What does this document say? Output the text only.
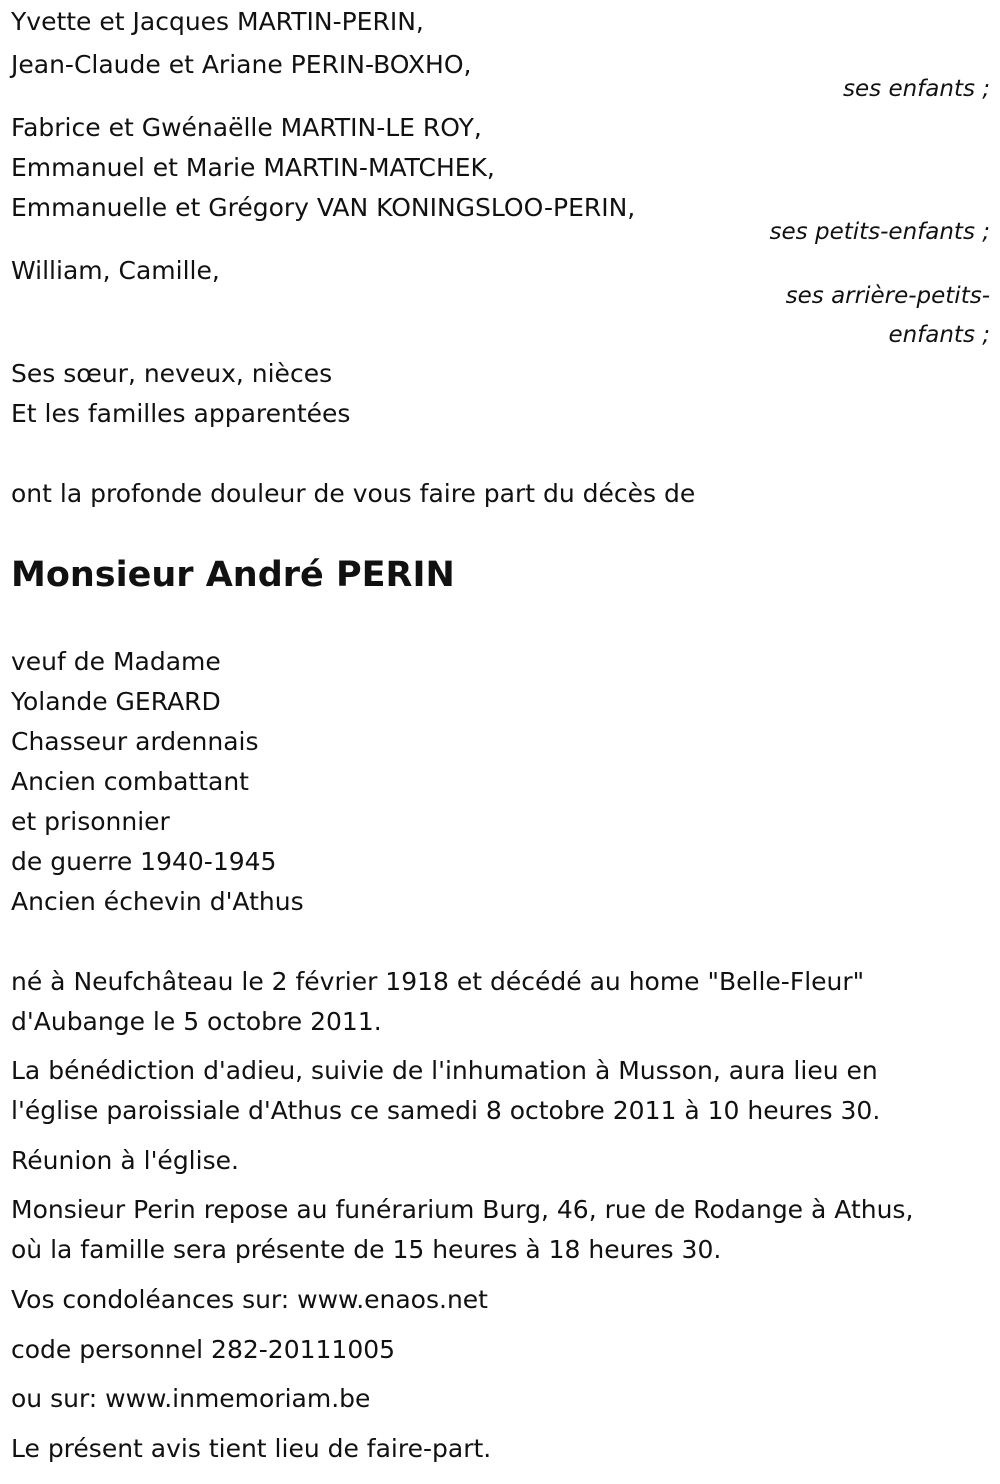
Yvette et Jacques MARTIN-PERIN,
Jean-Claude et Ariane PERIN-BOXHO,
ses enfants ;
Fabrice et Gwénaëlle MARTIN-LE ROY,
Emmanuel et Marie MARTIN-MATCHEK,
Emmanuelle et Grégory VAN KONINGSLOO-PERIN,
ses petits-enfants ;
William, Camille,
ses arrière-petits-
enfants ;
Ses sœur, neveux, nièces
Et les familles apparentées
ont la profonde douleur de vous faire part du décès de
Monsieur André PERIN
veuf de Madame
Yolande GERARD
Chasseur ardennais
Ancien combattant
et prisonnier
de guerre 1940-1945
Ancien échevin d'Athus
né à Neufchâteau le 2 février 1918 et décédé au home "Belle-Fleur"
d'Aubange le 5 octobre 2011.
La bénédiction d'adieu, suivie de l'inhumation à Musson, aura lieu en
l'église paroissiale d'Athus ce samedi 8 octobre 2011 à 10 heures 30.
Réunion à l'église.
Monsieur Perin repose au funérarium Burg, 46, rue de Rodange à Athus,
où la famille sera présente de 15 heures à 18 heures 30.
Vos condoléances sur: www.enaos.net
code personnel 282-20111005
ou sur: www.inmemoriam.be
Le présent avis tient lieu de faire-part.
